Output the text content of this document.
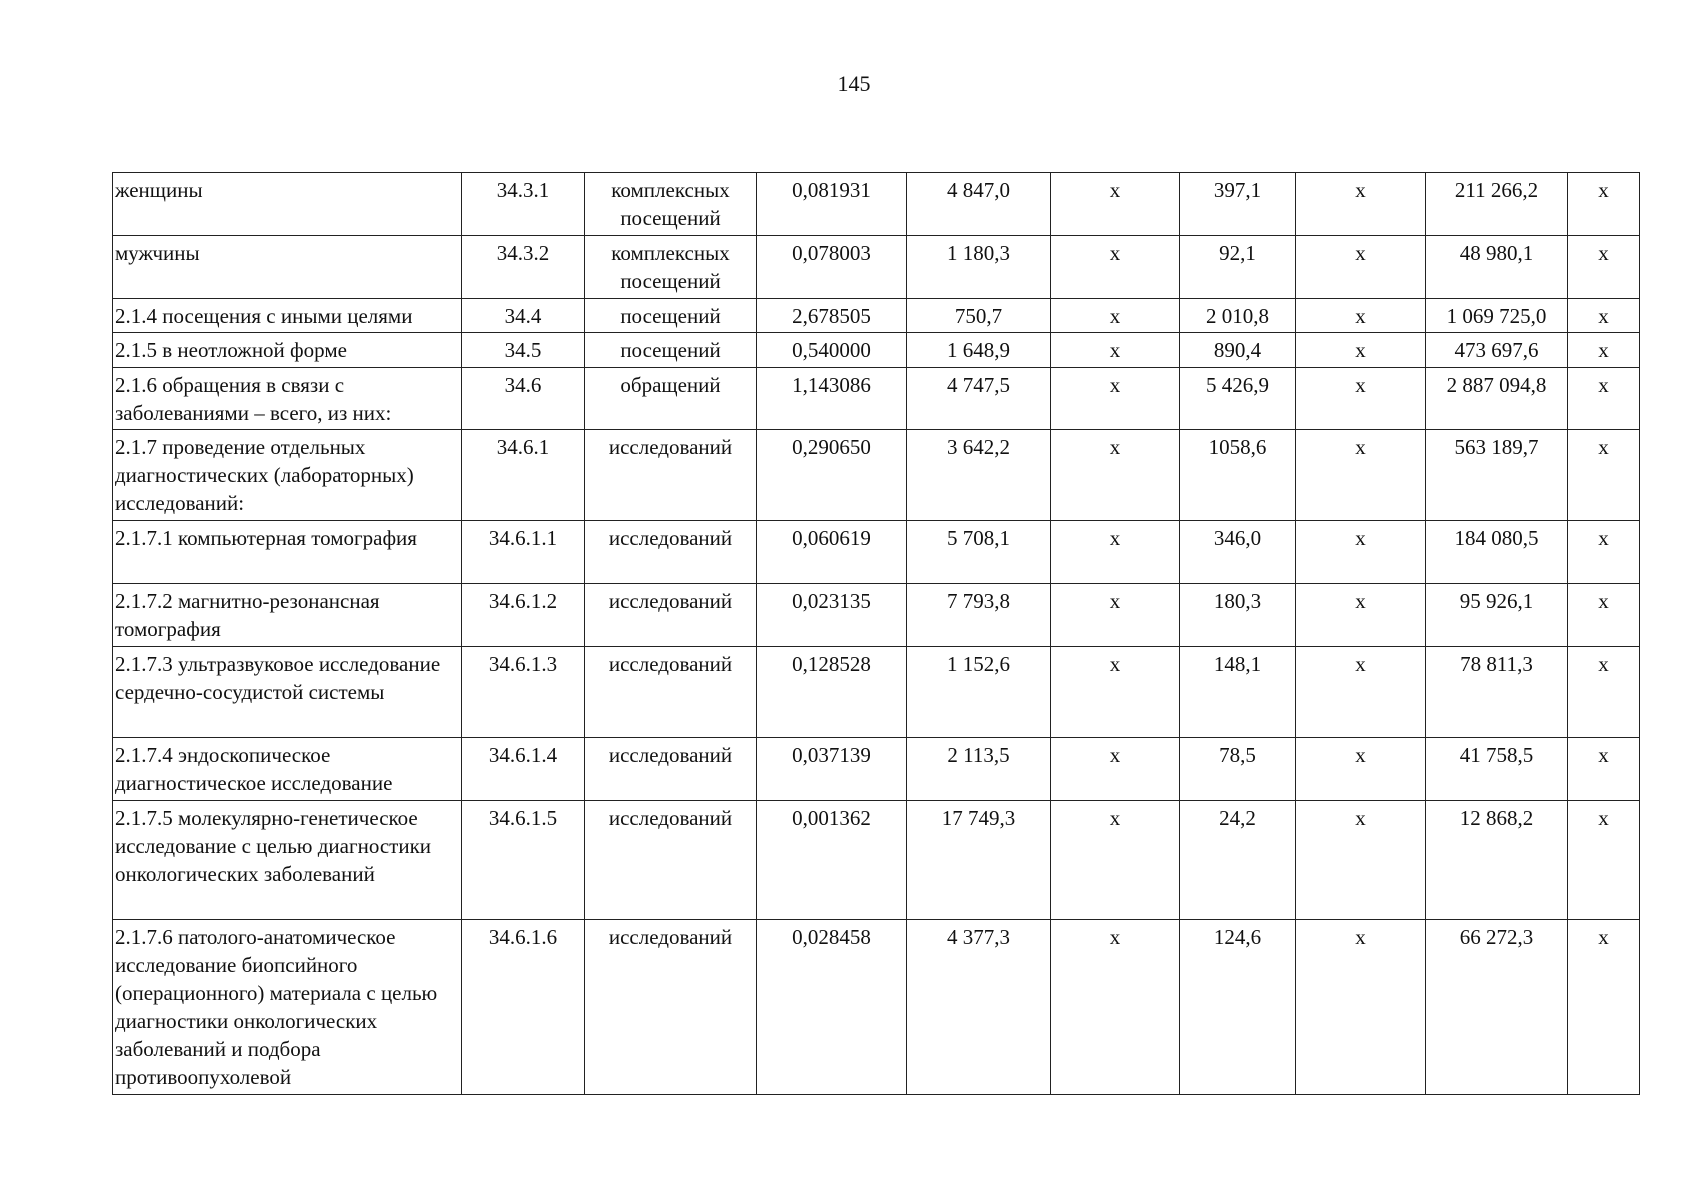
145
женщины	34.3.1	комплексных посещений	0,081931	4 847,0	х	397,1	х	211 266,2	х
мужчины	34.3.2	комплексных посещений	0,078003	1 180,3	х	92,1	х	48 980,1	х
2.1.4 посещения с иными целями	34.4	посещений	2,678505	750,7	х	2 010,8	х	1 069 725,0	х
2.1.5 в неотложной форме	34.5	посещений	0,540000	1 648,9	х	890,4	х	473 697,6	х
2.1.6 обращения в связи с заболеваниями – всего, из них:	34.6	обращений	1,143086	4 747,5	х	5 426,9	х	2 887 094,8	х
2.1.7 проведение отдельных диагностических (лабораторных) исследований:	34.6.1	исследований	0,290650	3 642,2	х	1058,6	х	563 189,7	х
2.1.7.1 компьютерная томография	34.6.1.1	исследований	0,060619	5 708,1	х	346,0	х	184 080,5	х
2.1.7.2 магнитно-резонансная томография	34.6.1.2	исследований	0,023135	7 793,8	х	180,3	х	95 926,1	х
2.1.7.3 ультразвуковое исследование сердечно-сосудистой системы	34.6.1.3	исследований	0,128528	1 152,6	х	148,1	х	78 811,3	х
2.1.7.4 эндоскопическое диагностическое исследование	34.6.1.4	исследований	0,037139	2 113,5	х	78,5	х	41 758,5	х
2.1.7.5 молекулярно-генетическое исследование с целью диагностики онкологических заболеваний	34.6.1.5	исследований	0,001362	17 749,3	х	24,2	х	12 868,2	х
2.1.7.6 патолого-анатомическое исследование биопсийного (операционного) материала с целью диагностики онкологических заболеваний и подбора противоопухолевой	34.6.1.6	исследований	0,028458	4 377,3	х	124,6	х	66 272,3	х
